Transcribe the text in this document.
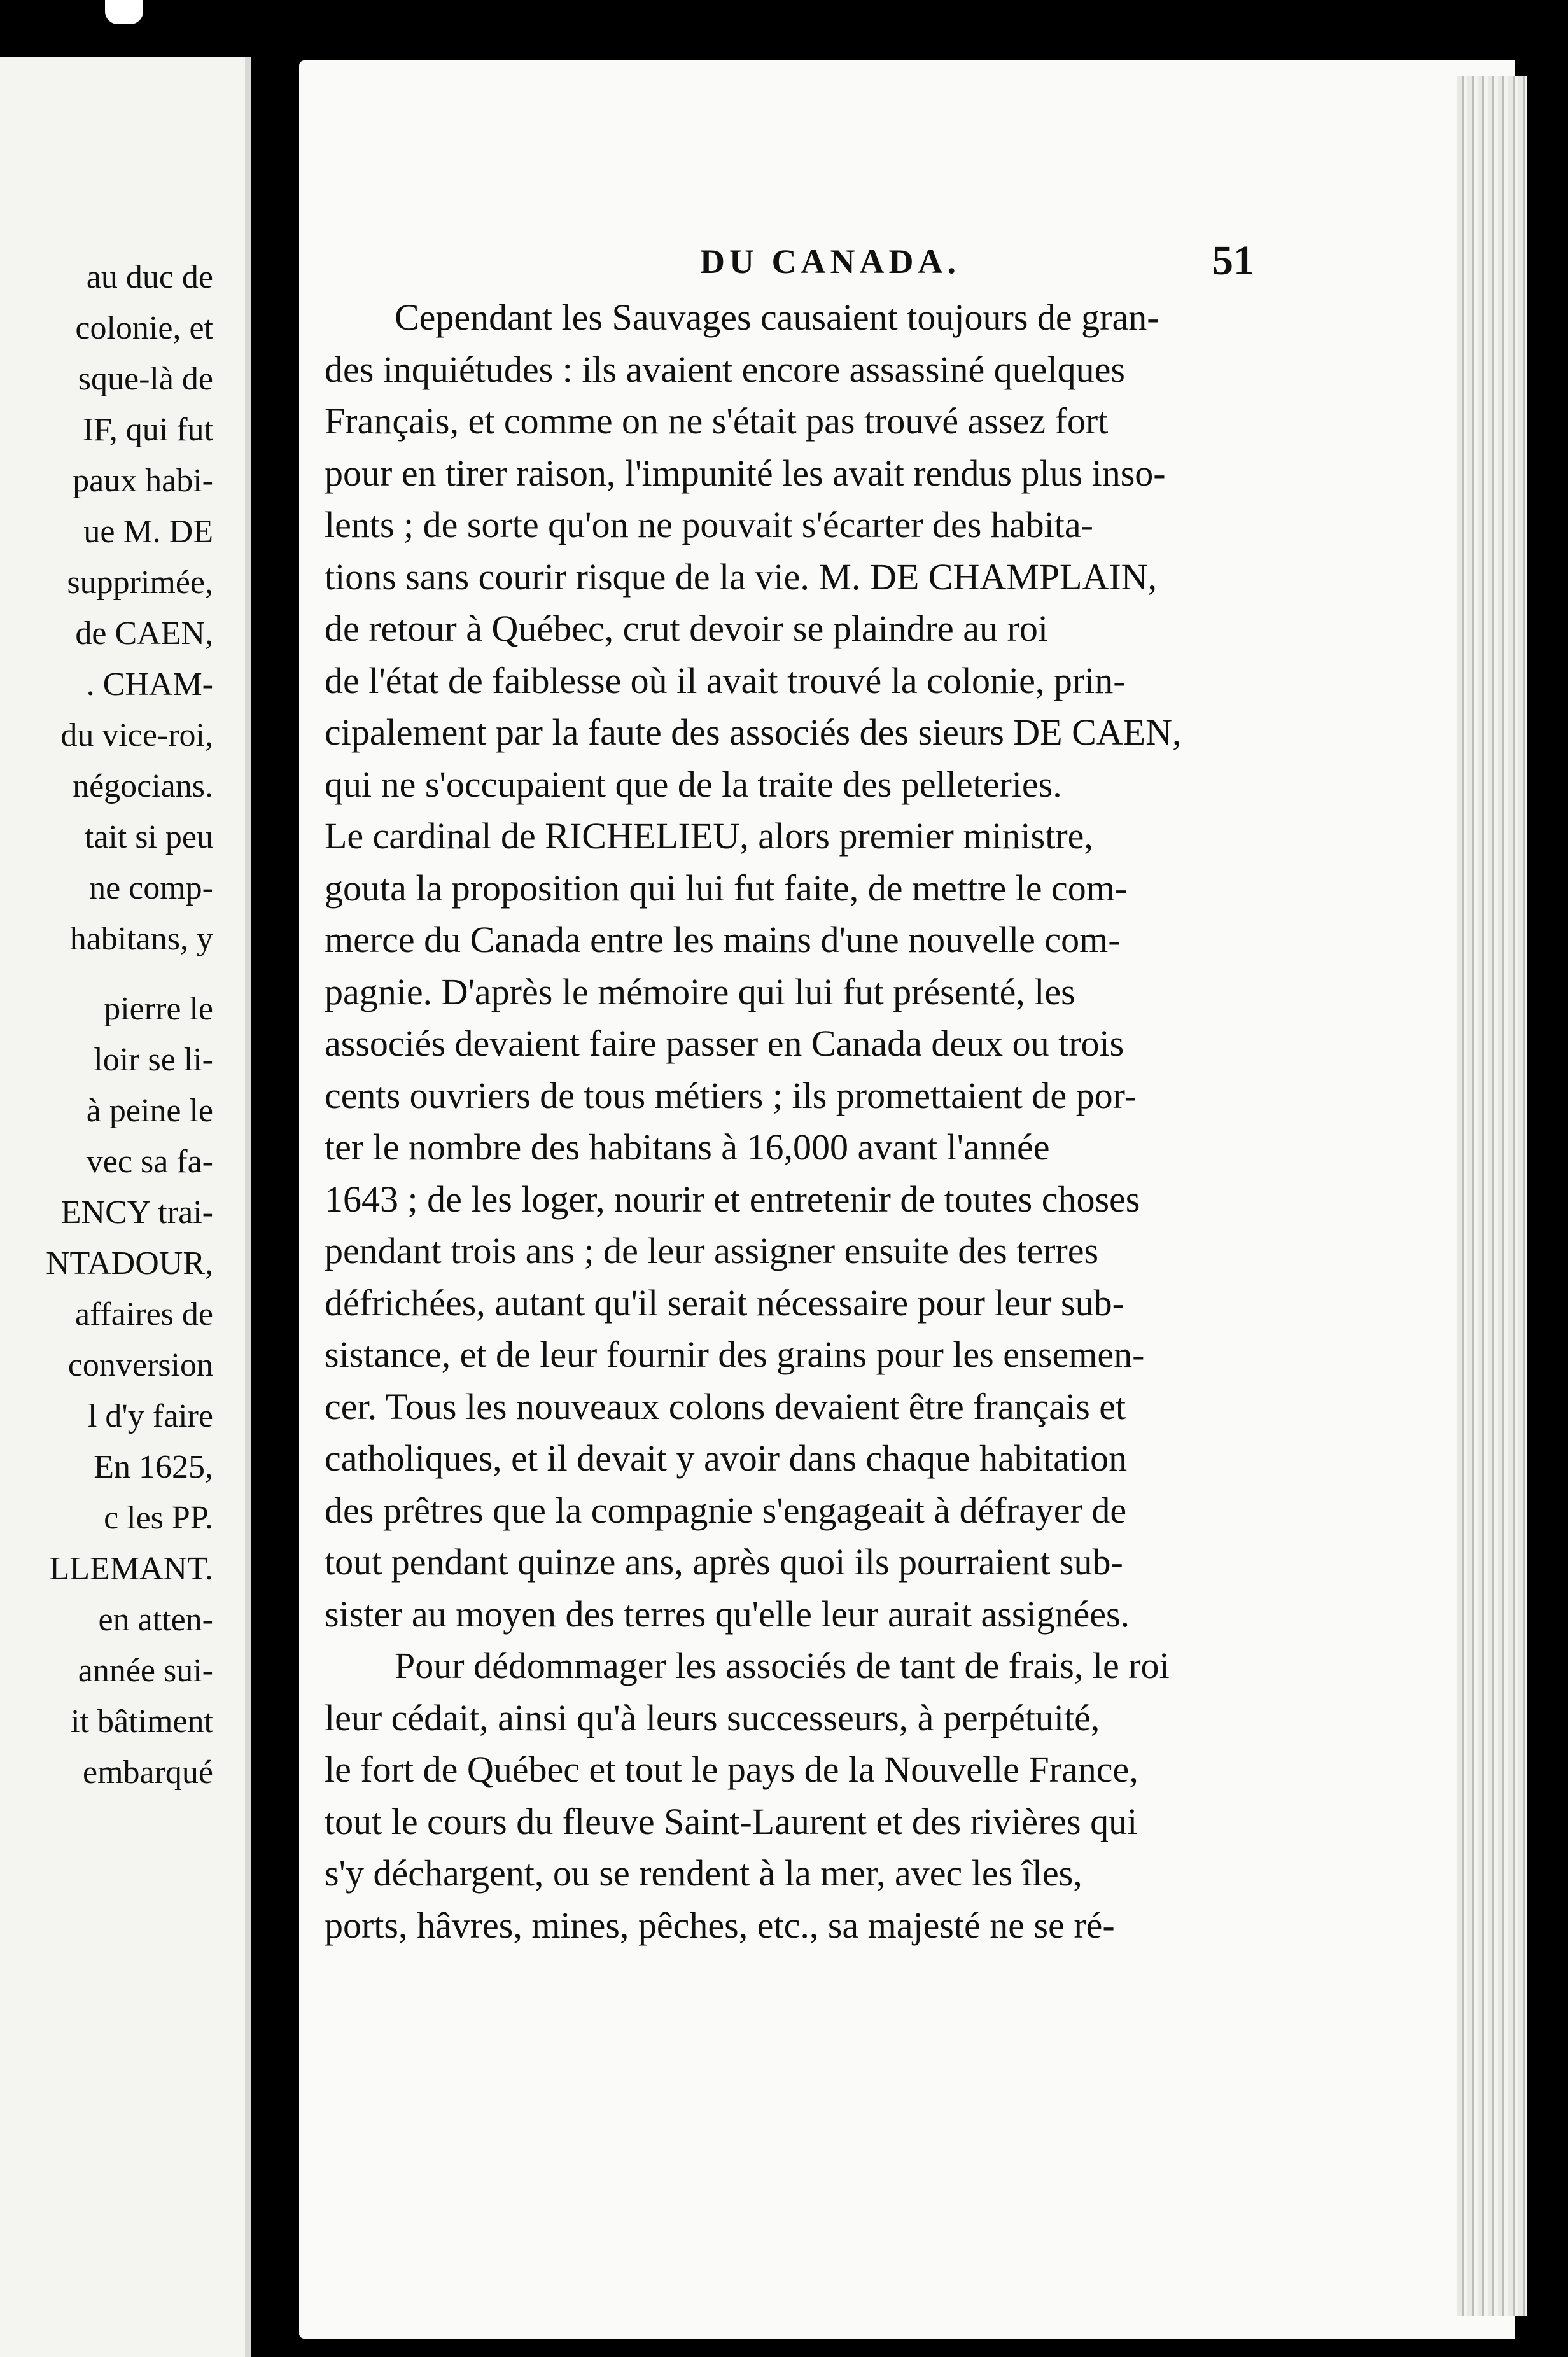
au duc de
colonie, et
sque-là de
IF, qui fut
paux habi-
ue M. DE
supprimée,
de CAEN,
. CHAM-
du vice-roi,
négocians.
tait si peu
ne comp-
habitans, y
pierre le
loir se li-
à peine le
vec sa fa-
ENCY trai-
NTADOUR,
affaires de
conversion
l d'y faire
En 1625,
c les PP.
LLEMANT.
en atten-
année sui-
it bâtiment
embarqué
DU CANADA.	51
Cependant les Sauvages causaient toujours de gran-
des inquiétudes : ils avaient encore assassiné quelques
Français, et comme on ne s'était pas trouvé assez fort
pour en tirer raison, l'impunité les avait rendus plus inso-
lents ; de sorte qu'on ne pouvait s'écarter des habita-
tions sans courir risque de la vie. M. DE CHAMPLAIN,
de retour à Québec, crut devoir se plaindre au roi
de l'état de faiblesse où il avait trouvé la colonie, prin-
cipalement par la faute des associés des sieurs DE CAEN,
qui ne s'occupaient que de la traite des pelleteries.
Le cardinal de RICHELIEU, alors premier ministre,
gouta la proposition qui lui fut faite, de mettre le com-
merce du Canada entre les mains d'une nouvelle com-
pagnie. D'après le mémoire qui lui fut présenté, les
associés devaient faire passer en Canada deux ou trois
cents ouvriers de tous métiers ; ils promettaient de por-
ter le nombre des habitans à 16,000 avant l'année
1643 ; de les loger, nourir et entretenir de toutes choses
pendant trois ans ; de leur assigner ensuite des terres
défrichées, autant qu'il serait nécessaire pour leur sub-
sistance, et de leur fournir des grains pour les ensemen-
cer. Tous les nouveaux colons devaient être français et
catholiques, et il devait y avoir dans chaque habitation
des prêtres que la compagnie s'engageait à défrayer de
tout pendant quinze ans, après quoi ils pourraient sub-
sister au moyen des terres qu'elle leur aurait assignées.
Pour dédommager les associés de tant de frais, le roi
leur cédait, ainsi qu'à leurs successeurs, à perpétuité,
le fort de Québec et tout le pays de la Nouvelle France,
tout le cours du fleuve Saint-Laurent et des rivières qui
s'y déchargent, ou se rendent à la mer, avec les îles,
ports, hâvres, mines, pêches, etc., sa majesté ne se ré-
